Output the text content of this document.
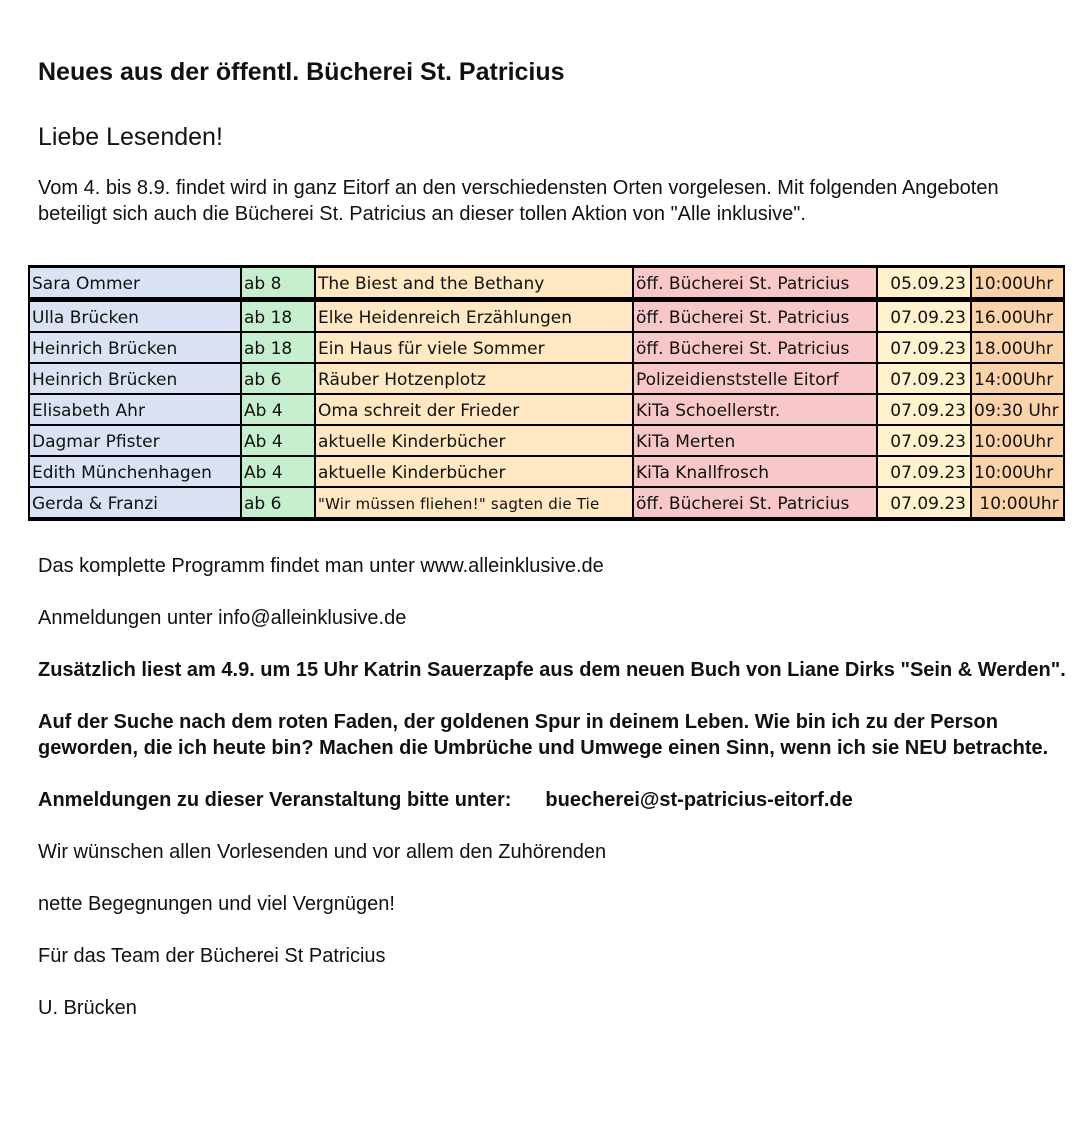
Neues aus der öffentl. Bücherei St. Patricius
Liebe Lesenden!
Vom 4. bis 8.9. findet wird in ganz Eitorf an den verschiedensten Orten vorgelesen. Mit folgenden Angeboten beteiligt sich auch die Bücherei St. Patricius an dieser tollen Aktion von "Alle inklusive".
Sara Ommer	ab 8	The Biest and the Bethany	öff. Bücherei St. Patricius	05.09.23	10:00Uhr
Ulla Brücken	ab 18	Elke Heidenreich Erzählungen	öff. Bücherei St. Patricius	07.09.23	16.00Uhr
Heinrich Brücken	ab 18	Ein Haus für viele Sommer	öff. Bücherei St. Patricius	07.09.23	18.00Uhr
Heinrich Brücken	ab 6	Räuber Hotzenplotz	Polizeidienststelle Eitorf	07.09.23	14:00Uhr
Elisabeth Ahr	Ab 4	Oma schreit der Frieder	KiTa Schoellerstr.	07.09.23	09:30 Uhr
Dagmar Pfister	Ab 4	aktuelle Kinderbücher	KiTa Merten	07.09.23	10:00Uhr
Edith Münchenhagen	Ab 4	aktuelle Kinderbücher	KiTa Knallfrosch	07.09.23	10:00Uhr
Gerda & Franzi	ab 6	"Wir müssen fliehen!" sagten die Tie	öff. Bücherei St. Patricius	07.09.23	10:00Uhr

Das komplette Programm findet man unter www.alleinklusive.de

Anmeldungen unter info@alleinklusive.de

Zusätzlich liest am 4.9. um 15 Uhr Katrin Sauerzapfe aus dem neuen Buch von Liane Dirks "Sein & Werden".

Auf der Suche nach dem roten Faden, der goldenen Spur in deinem Leben. Wie bin ich zu der Person geworden, die ich heute bin? Machen die Umbrüche und Umwege einen Sinn, wenn ich sie NEU betrachte.

Anmeldungen zu dieser Veranstaltung bitte unter: buecherei@st-patricius-eitorf.de

Wir wünschen allen Vorlesenden und vor allem den Zuhörenden

nette Begegnungen und viel Vergnügen!

Für das Team der Bücherei St Patricius

U. Brücken
